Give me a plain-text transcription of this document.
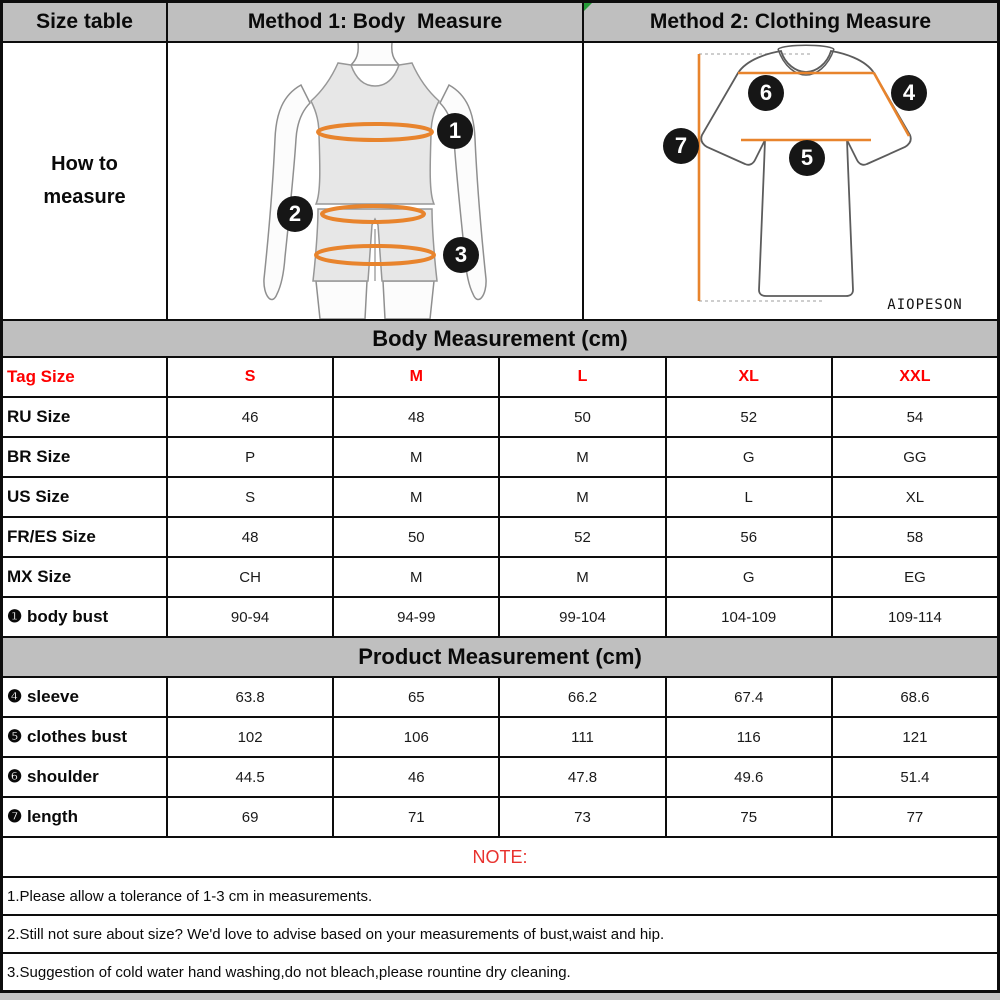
Size table	Method 1: Body  Measure	Method 2: Clothing Measure
How to measure
1
2
3
6	4
5
7
AIOPESON
Body Measurement (cm)
Tag Size	S	M	L	XL	XXL
RU Size	46	48	50	52	54
BR Size	P	M	M	G	GG
US Size	S	M	M	L	XL
FR/ES Size	48	50	52	56	58
MX Size	CH	M	M	G	EG
❶ body bust	90-94	94-99	99-104	104-109	109-114
Product Measurement (cm)
❹ sleeve	63.8	65	66.2	67.4	68.6
❺ clothes bust	102	106	111	116	121
❻ shoulder	44.5	46	47.8	49.6	51.4
❼ length	69	71	73	75	77
NOTE:
1.Please allow a tolerance of 1-3 cm in measurements.
2.Still not sure about size? We'd love to advise based on your measurements of bust,waist and hip.
3.Suggestion of cold water hand washing,do not bleach,please rountine dry cleaning.
